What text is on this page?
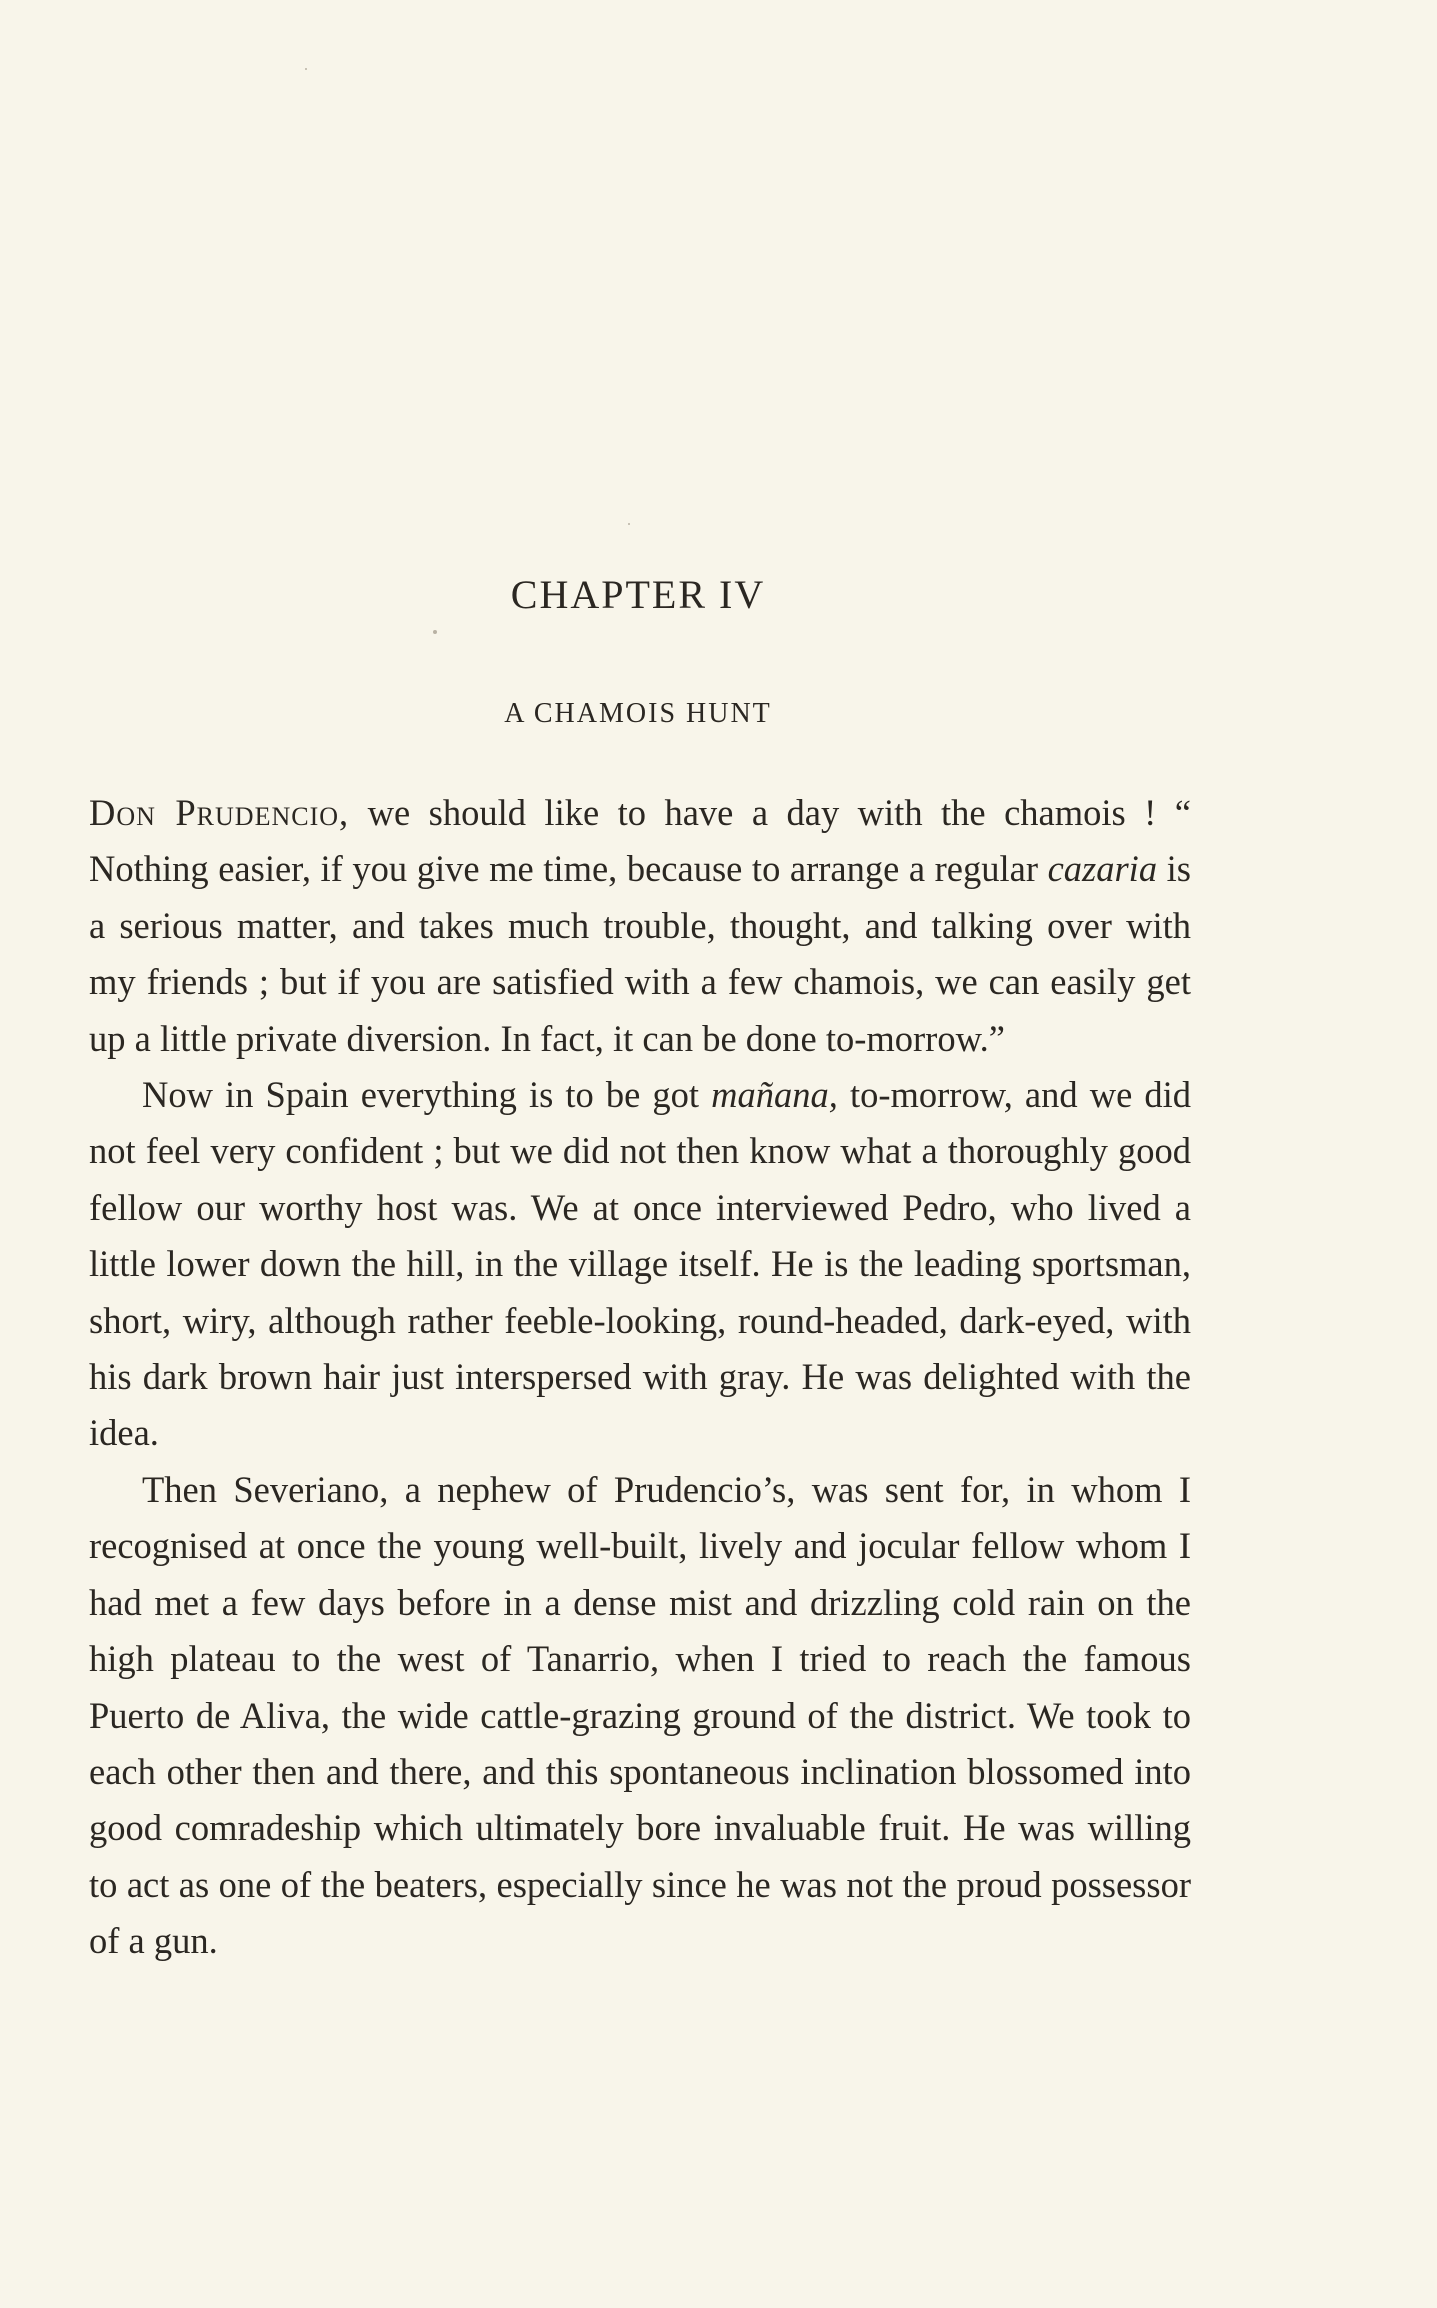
CHAPTER IV
A CHAMOIS HUNT

Don Prudencio, we should like to have a day with the chamois ! “ Nothing easier, if you give me time, because to arrange a regular cazaria is a serious matter, and takes much trouble, thought, and talking over with my friends ; but if you are satisfied with a few chamois, we can easily get up a little private diversion. In fact, it can be done to-morrow.”

Now in Spain everything is to be got mañana, to-morrow, and we did not feel very confident ; but we did not then know what a thoroughly good fellow our worthy host was. We at once interviewed Pedro, who lived a little lower down the hill, in the village itself. He is the leading sportsman, short, wiry, although rather feeble-looking, round-headed, dark-eyed, with his dark brown hair just interspersed with gray. He was delighted with the idea.

Then Severiano, a nephew of Prudencio’s, was sent for, in whom I recognised at once the young well-built, lively and jocular fellow whom I had met a few days before in a dense mist and drizzling cold rain on the high plateau to the west of Tanarrio, when I tried to reach the famous Puerto de Aliva, the wide cattle-grazing ground of the district. We took to each other then and there, and this spontaneous inclination blossomed into good comradeship which ultimately bore invaluable fruit. He was willing to act as one of the beaters, especially since he was not the proud possessor of a gun.
